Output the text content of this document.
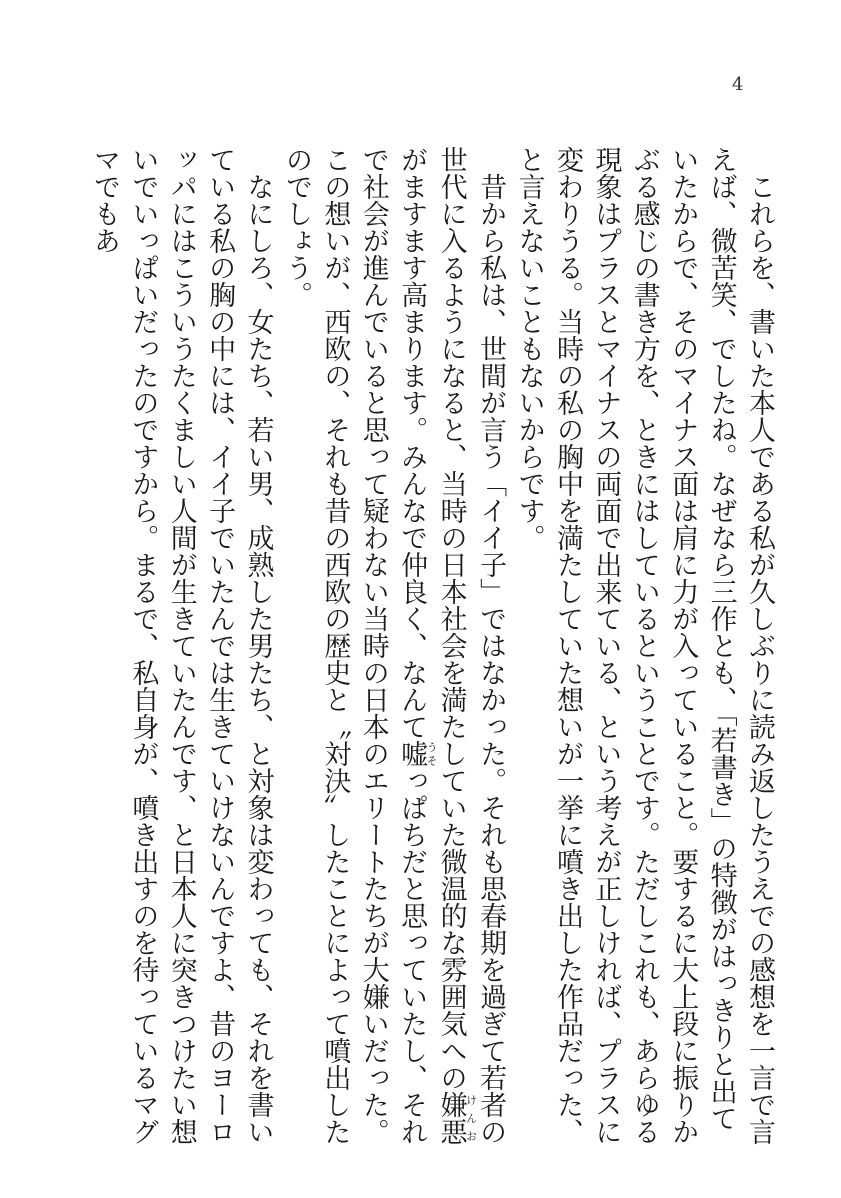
4

これらを、書いた本人である私が久しぶりに読み返したうえでの感想を一言で言えば、微苦笑、でしたね。なぜなら三作とも、「若書き」の特徴がはっきりと出ていたからで、そのマイナス面は肩に力が入っていること。要するに大上段に振りかぶる感じの書き方を、ときにはしているということです。ただしこれも、あらゆる現象はプラスとマイナスの両面で出来ている、という考えが正しければ、プラスに変わりうる。当時の私の胸中を満たしていた想いが一挙に噴き出した作品だった、と言えないこともないからです。

昔から私は、世間が言う「イイ子」ではなかった。それも思春期を過ぎて若者の世代に入るようになると、当時の日本社会を満たしていた微温的な雰囲気への嫌悪けんおがますます高まります。みんなで仲良く、なんて嘘うそっぱちだと思っていたし、それで社会が進んでいると思って疑わない当時の日本のエリートたちが大嫌いだった。この想いが、西欧の、それも昔の西欧の歴史と〝対決〟したことによって噴出したのでしょう。

なにしろ、女たち、若い男、成熟した男たち、と対象は変わっても、それを書いている私の胸の中には、イイ子でいたんでは生きていけないんですよ、昔のヨーロッパにはこういうたくましい人間が生きていたんです、と日本人に突きつけたい想いでいっぱいだったのですから。まるで、私自身が、噴き出すのを待っているマグマでもあ
